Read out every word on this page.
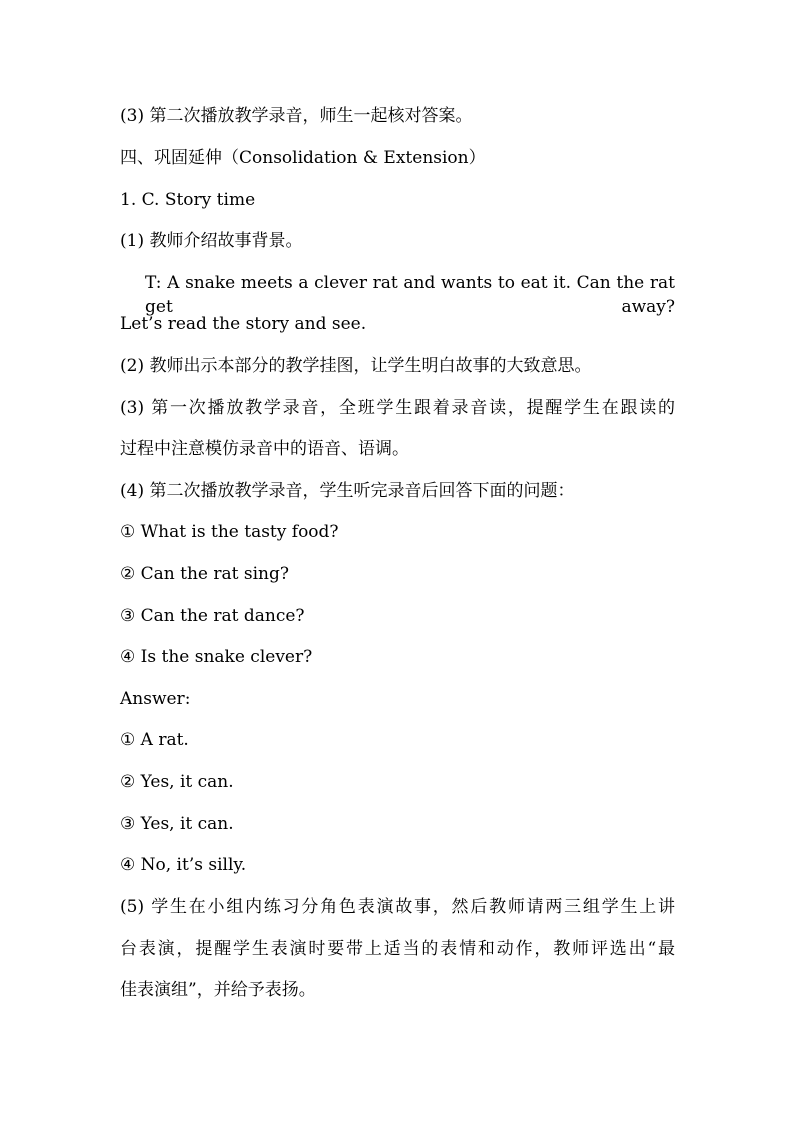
(3) 第二次播放教学录音，师生一起核对答案。
四、巩固延伸（Consolidation & Extension）
1. C. Story time
(1) 教师介绍故事背景。
T: A snake meets a clever rat and wants to eat it. Can the rat get away?
Let’s read the story and see.
(2) 教师出示本部分的教学挂图，让学生明白故事的大致意思。
(3) 第一次播放教学录音，全班学生跟着录音读，提醒学生在跟读的
过程中注意模仿录音中的语音、语调。
(4) 第二次播放教学录音，学生听完录音后回答下面的问题：
① What is the tasty food?
② Can the rat sing?
③ Can the rat dance?
④ Is the snake clever?
Answer:
① A rat.
② Yes, it can.
③ Yes, it can.
④ No, it’s silly.
(5) 学生在小组内练习分角色表演故事，然后教师请两三组学生上讲
台表演，提醒学生表演时要带上适当的表情和动作，教师评选出“最
佳表演组”，并给予表扬。
